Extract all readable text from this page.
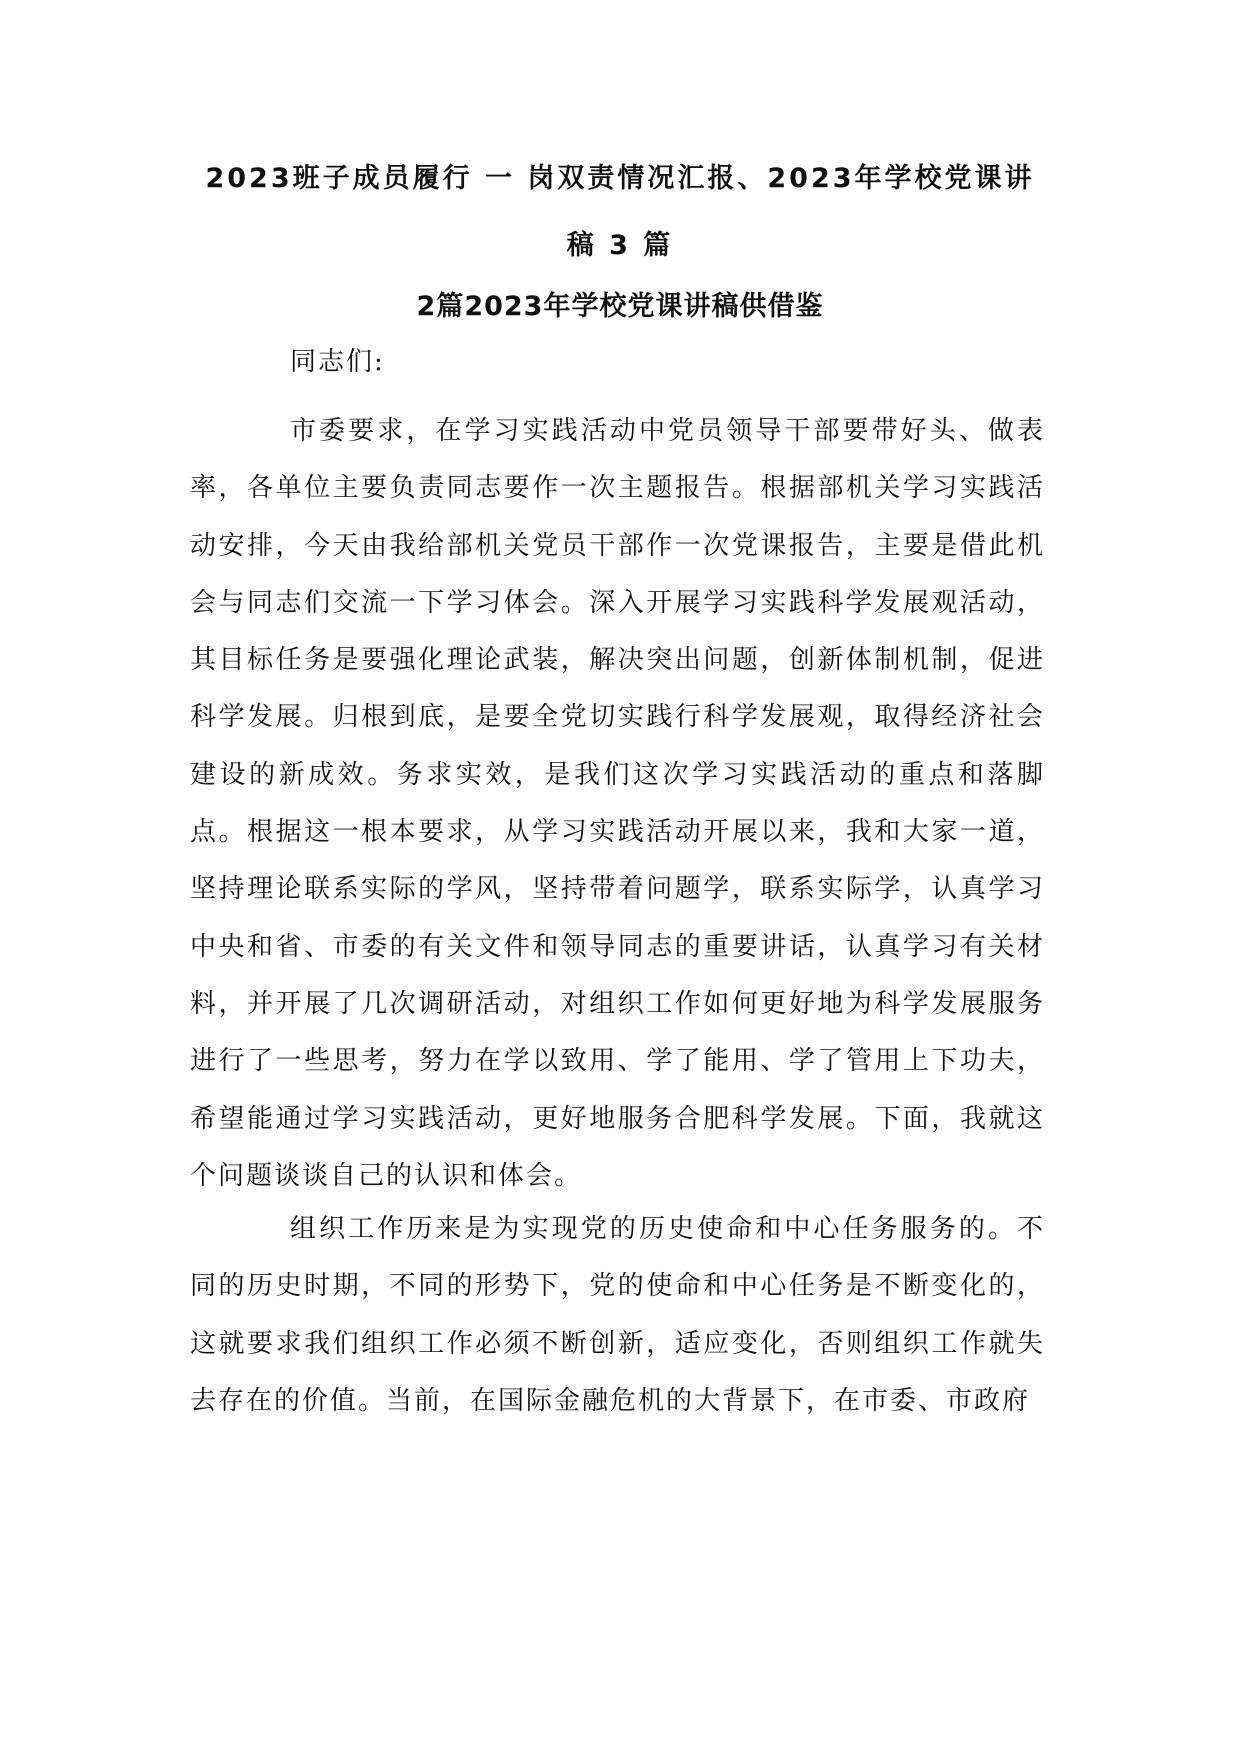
2023班子成员履行 一 岗双责情况汇报、2023年学校党课讲
稿 3 篇
2篇2023年学校党课讲稿供借鉴

同志们:

市委要求，在学习实践活动中党员领导干部要带好头、做表率，各单位主要负责同志要作一次主题报告。根据部机关学习实践活动安排，今天由我给部机关党员干部作一次党课报告，主要是借此机会与同志们交流一下学习体会。深入开展学习实践科学发展观活动，其目标任务是要强化理论武装，解决突出问题，创新体制机制，促进科学发展。归根到底，是要全党切实践行科学发展观，取得经济社会建设的新成效。务求实效，是我们这次学习实践活动的重点和落脚点。根据这一根本要求，从学习实践活动开展以来，我和大家一道，坚持理论联系实际的学风，坚持带着问题学，联系实际学，认真学习中央和省、市委的有关文件和领导同志的重要讲话，认真学习有关材料，并开展了几次调研活动，对组织工作如何更好地为科学发展服务进行了一些思考，努力在学以致用、学了能用、学了管用上下功夫，希望能通过学习实践活动，更好地服务合肥科学发展。下面，我就这个问题谈谈自己的认识和体会。

组织工作历来是为实现党的历史使命和中心任务服务的。不同的历史时期，不同的形势下，党的使命和中心任务是不断变化的，这就要求我们组织工作必须不断创新，适应变化，否则组织工作就失去存在的价值。当前，在国际金融危机的大背景下，在市委、市政府
